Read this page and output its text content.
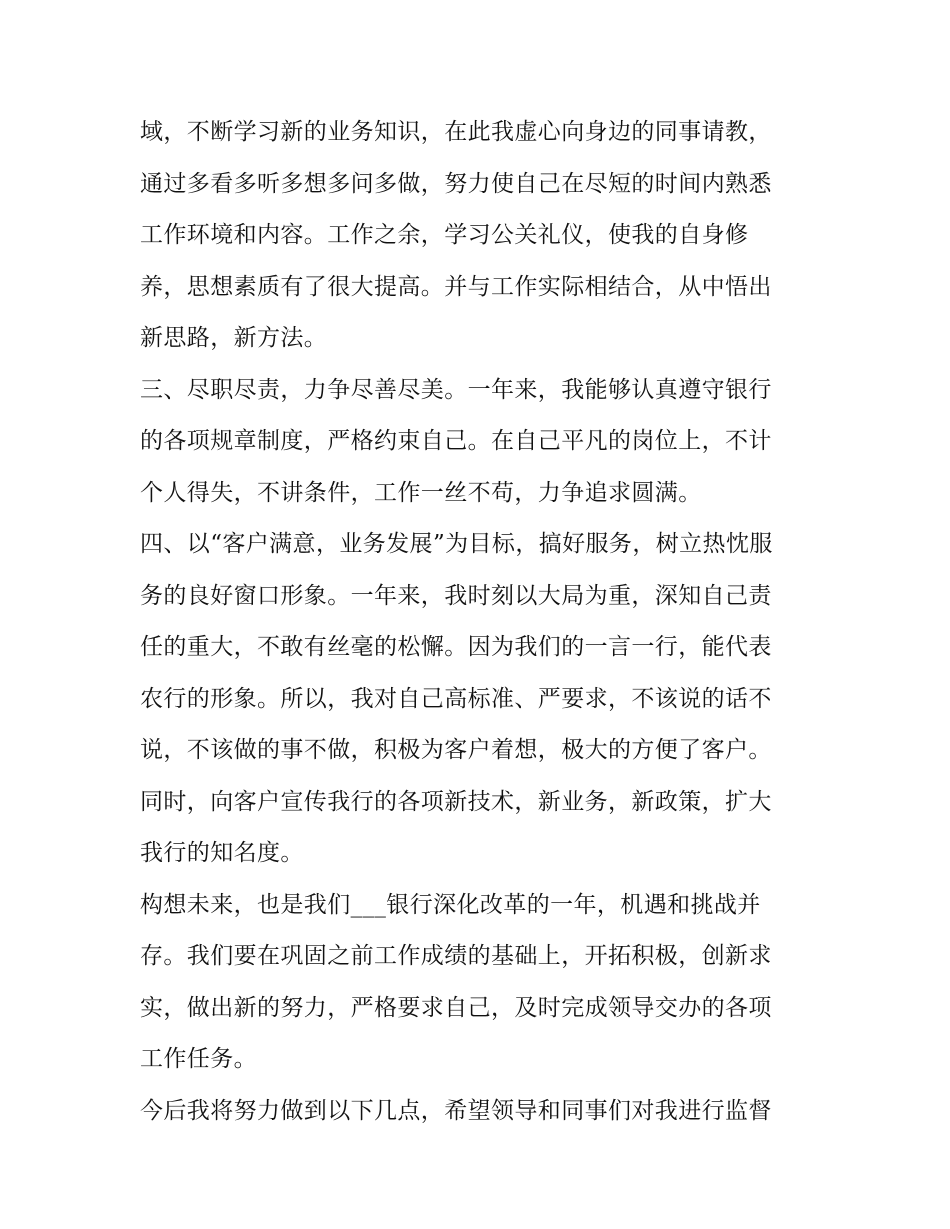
域，不断学习新的业务知识，在此我虚心向身边的同事请教，
通过多看多听多想多问多做，努力使自己在尽短的时间内熟悉
工作环境和内容。工作之余，学习公关礼仪，使我的自身修
养，思想素质有了很大提高。并与工作实际相结合，从中悟出
新思路，新方法。
三、尽职尽责，力争尽善尽美。一年来，我能够认真遵守银行
的各项规章制度，严格约束自己。在自己平凡的岗位上，不计
个人得失，不讲条件，工作一丝不苟，力争追求圆满。
四、以“客户满意，业务发展”为目标，搞好服务，树立热忱服
务的良好窗口形象。一年来，我时刻以大局为重，深知自己责
任的重大，不敢有丝毫的松懈。因为我们的一言一行，能代表
农行的形象。所以，我对自己高标准、严要求，不该说的话不
说，不该做的事不做，积极为客户着想，极大的方便了客户。
同时，向客户宣传我行的各项新技术，新业务，新政策，扩大
我行的知名度。
构想未来，也是我们___银行深化改革的一年，机遇和挑战并
存。我们要在巩固之前工作成绩的基础上，开拓积极，创新求
实，做出新的努力，严格要求自己，及时完成领导交办的各项
工作任务。
今后我将努力做到以下几点，希望领导和同事们对我进行监督
